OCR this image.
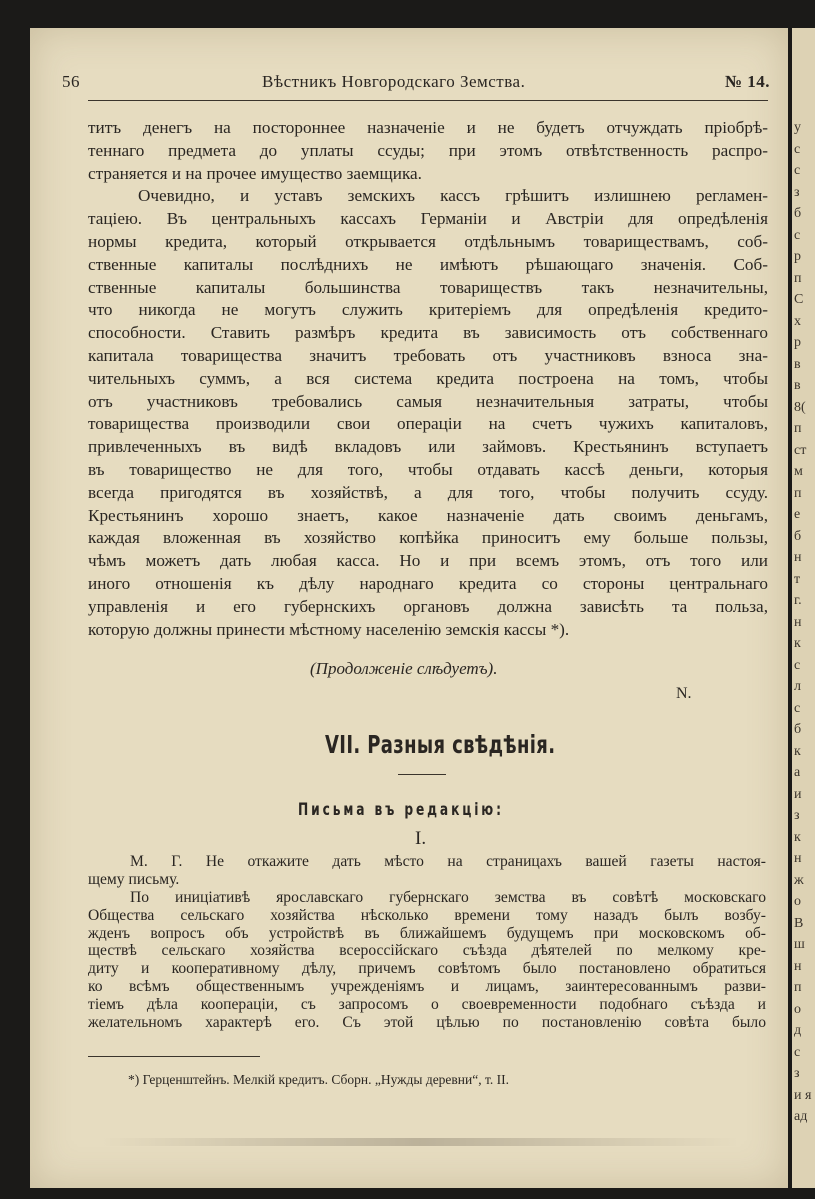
у
с
с
з
б
с
р
п
С
х
р
в
в
8(
п
ст
м
п
е
б
н
т
г.
н
к
с
л
с
б
к
а
и
з
к
н
ж
о
В
ш
н
п
о
д
с
з
и я
ад
56	Вѣстникъ Новгородскаго Земства.	№ 14.
титъ денегъ на постороннее назначеніе и не будетъ отчуждать пріобрѣ-
теннаго предмета до уплаты ссуды; при этомъ отвѣтственность распро-
страняется и на прочее имущество заемщика.
Очевидно, и уставъ земскихъ кассъ грѣшитъ излишнею регламен-
таціею. Въ центральныхъ кассахъ Германіи и Австріи для опредѣленія
нормы кредита, который открывается отдѣльнымъ товариществамъ, соб-
ственные капиталы послѣднихъ не имѣютъ рѣшающаго значенія. Соб-
ственные капиталы большинства товариществъ такъ незначительны,
что никогда не могутъ служить критеріемъ для опредѣленія кредито-
способности. Ставить размѣръ кредита въ зависимость отъ собственнаго
капитала товарищества значитъ требовать отъ участниковъ взноса зна-
чительныхъ суммъ, а вся система кредита построена на томъ, чтобы
отъ участниковъ требовались самыя незначительныя затраты, чтобы
товарищества производили свои операціи на счетъ чужихъ капиталовъ,
привлеченныхъ въ видѣ вкладовъ или займовъ. Крестьянинъ вступаетъ
въ товарищество не для того, чтобы отдавать кассѣ деньги, которыя
всегда пригодятся въ хозяйствѣ, а для того, чтобы получить ссуду.
Крестьянинъ хорошо знаетъ, какое назначеніе дать своимъ деньгамъ,
каждая вложенная въ хозяйство копѣйка приноситъ ему больше пользы,
чѣмъ можетъ дать любая касса. Но и при всемъ этомъ, отъ того или
иного отношенія къ дѣлу народнаго кредита со стороны центральнаго
управленія и его губернскихъ органовъ должна зависѣть та польза,
которую должны принести мѣстному населенію земскія кассы *).
(Продолженіе слѣдуетъ).
N.
VII. Разныя свѣдѣнія.
Письма въ редакцію:
I.
М. Г. Не откажите дать мѣсто на страницахъ вашей газеты настоя-
щему письму.
По иниціативѣ ярославскаго губернскаго земства въ совѣтѣ московскаго
Общества сельскаго хозяйства нѣсколько времени тому назадъ былъ возбу-
жденъ вопросъ объ устройствѣ въ ближайшемъ будущемъ при московскомъ об-
ществѣ сельскаго хозяйства всероссійскаго съѣзда дѣятелей по мелкому кре-
диту и кооперативному дѣлу, причемъ совѣтомъ было постановлено обратиться
ко всѣмъ общественнымъ учрежденіямъ и лицамъ, заинтересованнымъ разви-
тіемъ дѣла коопераціи, съ запросомъ о своевременности подобнаго съѣзда и
желательномъ характерѣ его. Съ этой цѣлью по постановленію совѣта было
*) Герценштейнъ. Мелкій кредитъ. Сборн. „Нужды деревни“, т. II.
